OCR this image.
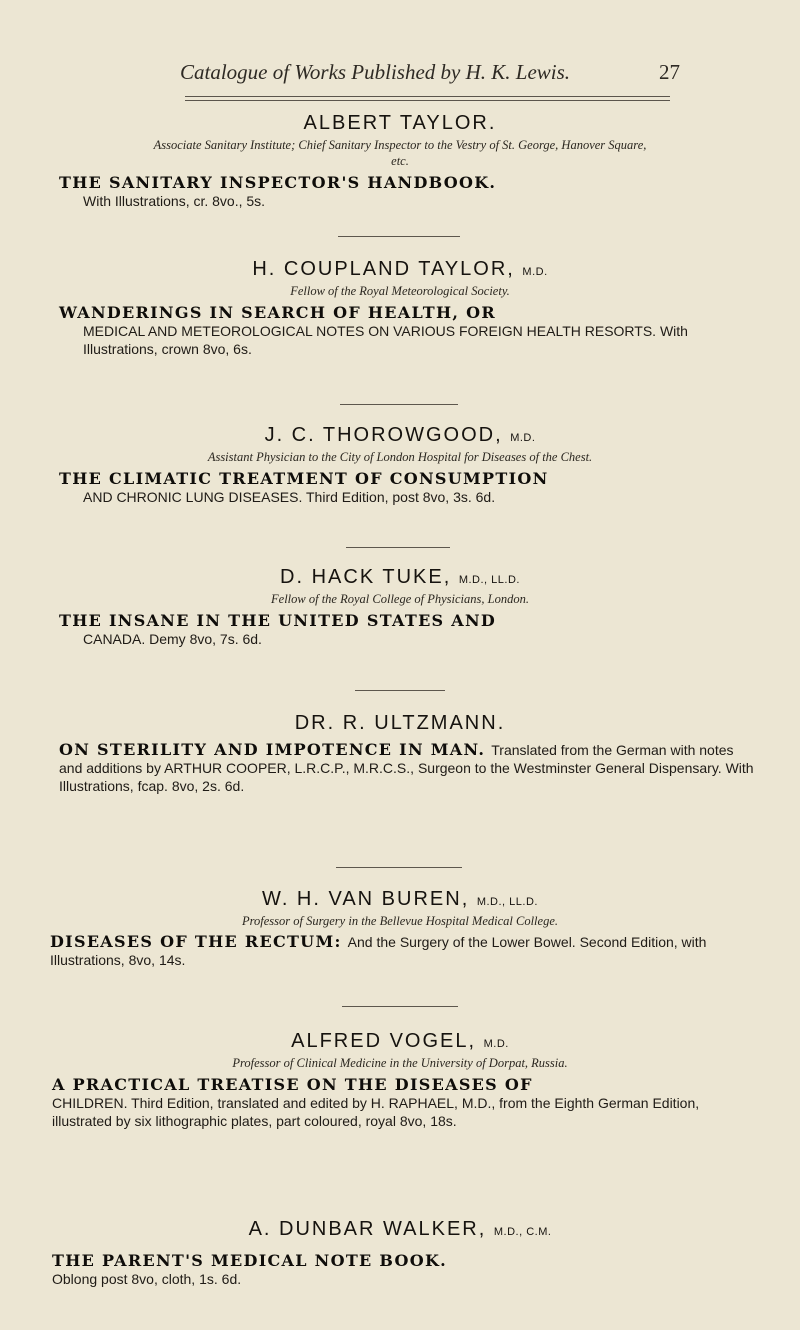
Catalogue of Works Published by H. K. Lewis.	27

ALBERT TAYLOR.

Associate Sanitary Institute; Chief Sanitary Inspector to the Vestry of St. George, Hanover Square, etc.

THE SANITARY INSPECTOR'S HANDBOOK.

With Illustrations, cr. 8vo., 5s.

H. COUPLAND TAYLOR, M.D.

Fellow of the Royal Meteorological Society.

WANDERINGS IN SEARCH OF HEALTH, OR

MEDICAL AND METEOROLOGICAL NOTES ON VARIOUS FOREIGN HEALTH RESORTS. With Illustrations, crown 8vo, 6s.

J. C. THOROWGOOD, M.D.

Assistant Physician to the City of London Hospital for Diseases of the Chest.

THE CLIMATIC TREATMENT OF CONSUMPTION

AND CHRONIC LUNG DISEASES. Third Edition, post 8vo, 3s. 6d.

D. HACK TUKE, M.D., LL.D.

Fellow of the Royal College of Physicians, London.

THE INSANE IN THE UNITED STATES AND

CANADA. Demy 8vo, 7s. 6d.

DR. R. ULTZMANN.

ON STERILITY AND IMPOTENCE IN MAN. Translated from the German with notes and additions by ARTHUR COOPER, L.R.C.P., M.R.C.S., Surgeon to the Westminster General Dispensary. With Illustrations, fcap. 8vo, 2s. 6d.

W. H. VAN BUREN, M.D., LL.D.

Professor of Surgery in the Bellevue Hospital Medical College.

DISEASES OF THE RECTUM: And the Surgery of the Lower Bowel. Second Edition, with Illustrations, 8vo, 14s.

ALFRED VOGEL, M.D.

Professor of Clinical Medicine in the University of Dorpat, Russia.

A PRACTICAL TREATISE ON THE DISEASES OF

CHILDREN. Third Edition, translated and edited by H. RAPHAEL, M.D., from the Eighth German Edition, illustrated by six lithographic plates, part coloured, royal 8vo, 18s.

A. DUNBAR WALKER, M.D., C.M.

THE PARENT'S MEDICAL NOTE BOOK.

Oblong post 8vo, cloth, 1s. 6d.
